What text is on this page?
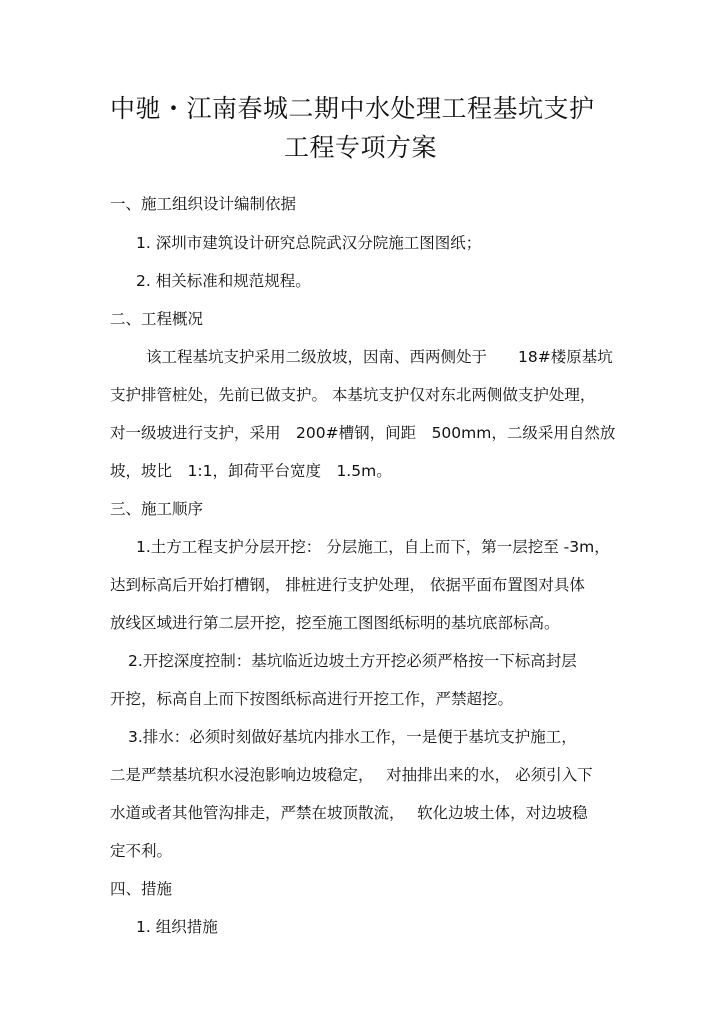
中驰・江南春城二期中水处理工程基坑支护
工程专项方案
一、施工组织设计编制依据
1. 深圳市建筑设计研究总院武汉分院施工图图纸；
2. 相关标准和规范规程。
二、工程概况
该工程基坑支护采用二级放坡，因南、西两侧处于　　18#楼原基坑
支护排管桩处，先前已做支护。 本基坑支护仅对东北两侧做支护处理，
对一级坡进行支护，采用　200#槽钢，间距　500mm，二级采用自然放
坡，坡比　1:1，卸荷平台宽度　1.5m。
三、施工顺序
1.土方工程支护分层开挖： 分层施工，自上而下，第一层挖至 -3m，
达到标高后开始打槽钢， 排桩进行支护处理， 依据平面布置图对具体
放线区域进行第二层开挖，挖至施工图图纸标明的基坑底部标高。
2.开挖深度控制：基坑临近边坡土方开挖必须严格按一下标高封层
开挖，标高自上而下按图纸标高进行开挖工作，严禁超挖。
3.排水：必须时刻做好基坑内排水工作，一是便于基坑支护施工，
二是严禁基坑积水浸泡影响边坡稳定，　 对抽排出来的水， 必须引入下
水道或者其他管沟排走，严禁在坡顶散流，　 软化边坡土体，对边坡稳
定不利。
四、措施
1. 组织措施
